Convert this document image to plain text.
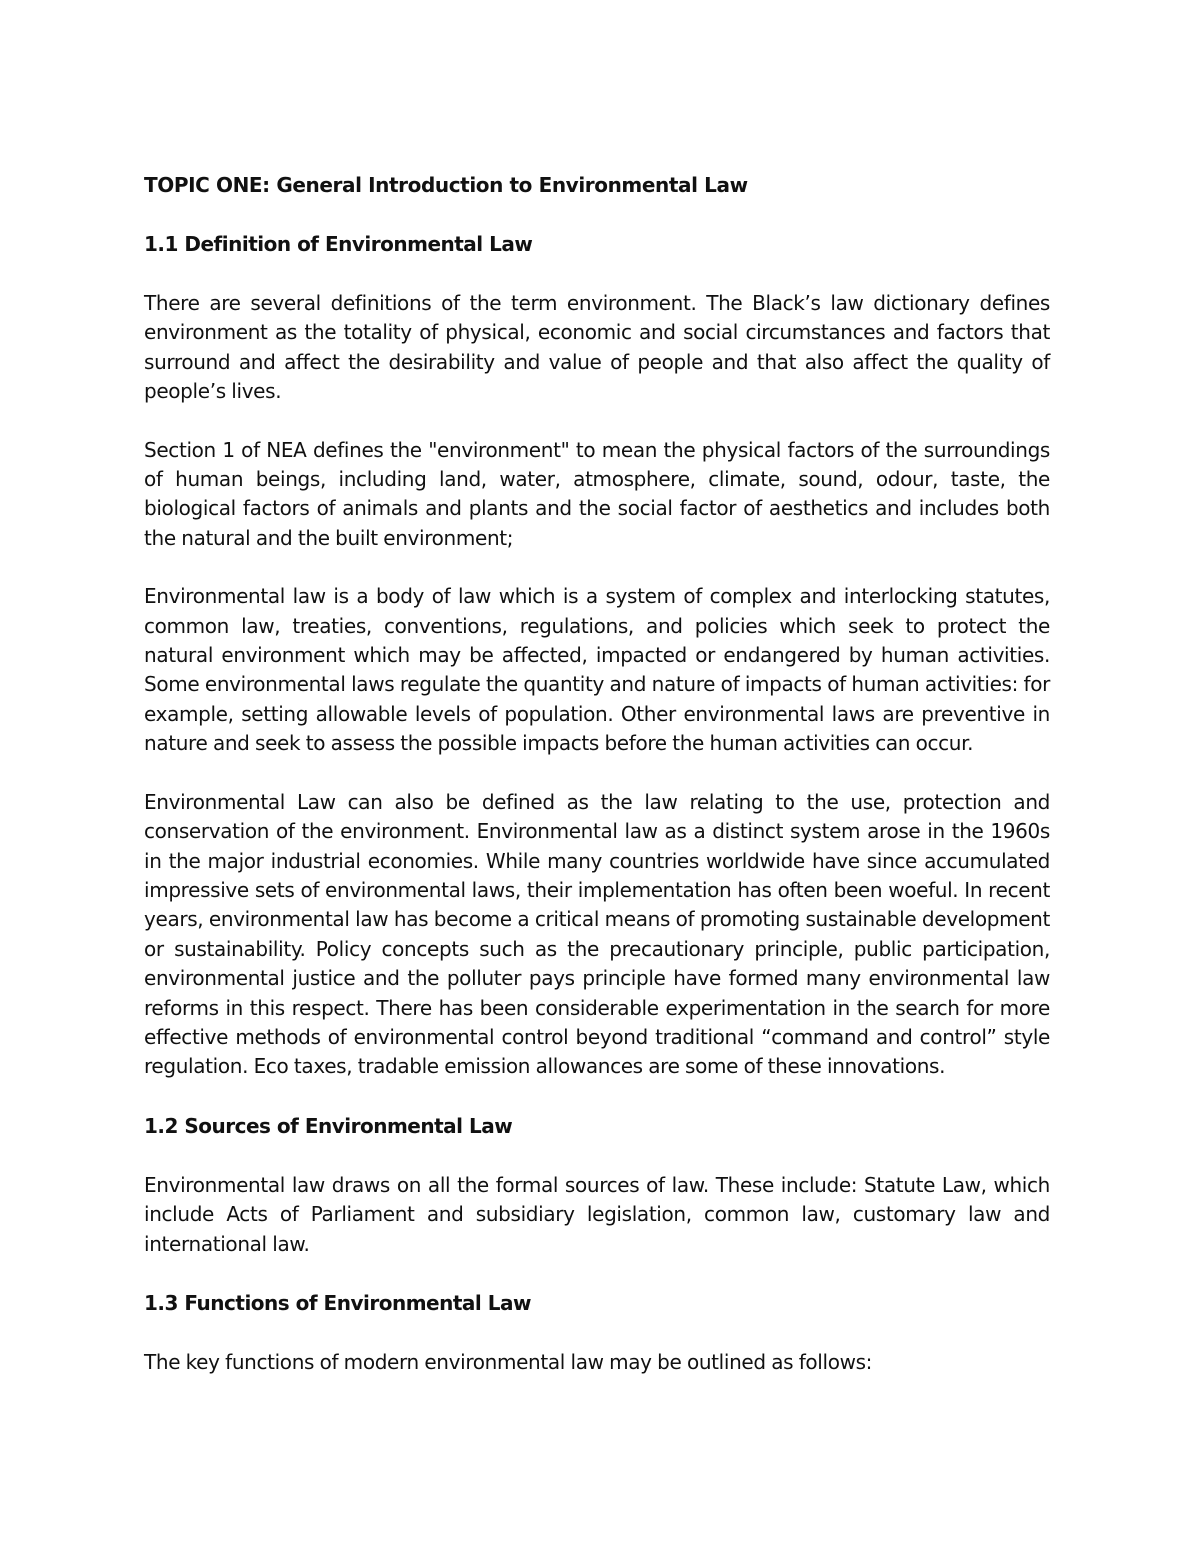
TOPIC ONE: General Introduction to Environmental Law
1.1 Definition of Environmental Law

There are several definitions of the term environment. The Black’s law dictionary defines environment as the totality of physical, economic and social circumstances and factors that surround and affect the desirability and value of people and that also affect the quality of people’s lives.

Section 1 of NEA defines the "environment" to mean the physical factors of the surroundings of human beings, including land, water, atmosphere, climate, sound, odour, taste, the biological factors of animals and plants and the social factor of aesthetics and includes both the natural and the built environment;

Environmental law is a body of law which is a system of complex and interlocking statutes, common law, treaties, conventions, regulations, and policies which seek to protect the natural environment which may be affected, impacted or endangered by human activities. Some environmental laws regulate the quantity and nature of impacts of human activities: for example, setting allowable levels of population. Other environmental laws are preventive in nature and seek to assess the possible impacts before the human activities can occur.

Environmental Law can also be defined as the law relating to the use, protection and conservation of the environment. Environmental law as a distinct system arose in the 1960s in the major industrial economies. While many countries worldwide have since accumulated impressive sets of environmental laws, their implementation has often been woeful. In recent years, environmental law has become a critical means of promoting sustainable development or sustainability. Policy concepts such as the precautionary principle, public participation, environmental justice and the polluter pays principle have formed many environmental law reforms in this respect. There has been considerable experimentation in the search for more effective methods of environmental control beyond traditional “command and control” style regulation. Eco taxes, tradable emission allowances are some of these innovations.

1.2 Sources of Environmental Law

Environmental law draws on all the formal sources of law. These include: Statute Law, which include Acts of Parliament and subsidiary legislation, common law, customary law and international law.

1.3 Functions of Environmental Law

The key functions of modern environmental law may be outlined as follows:
